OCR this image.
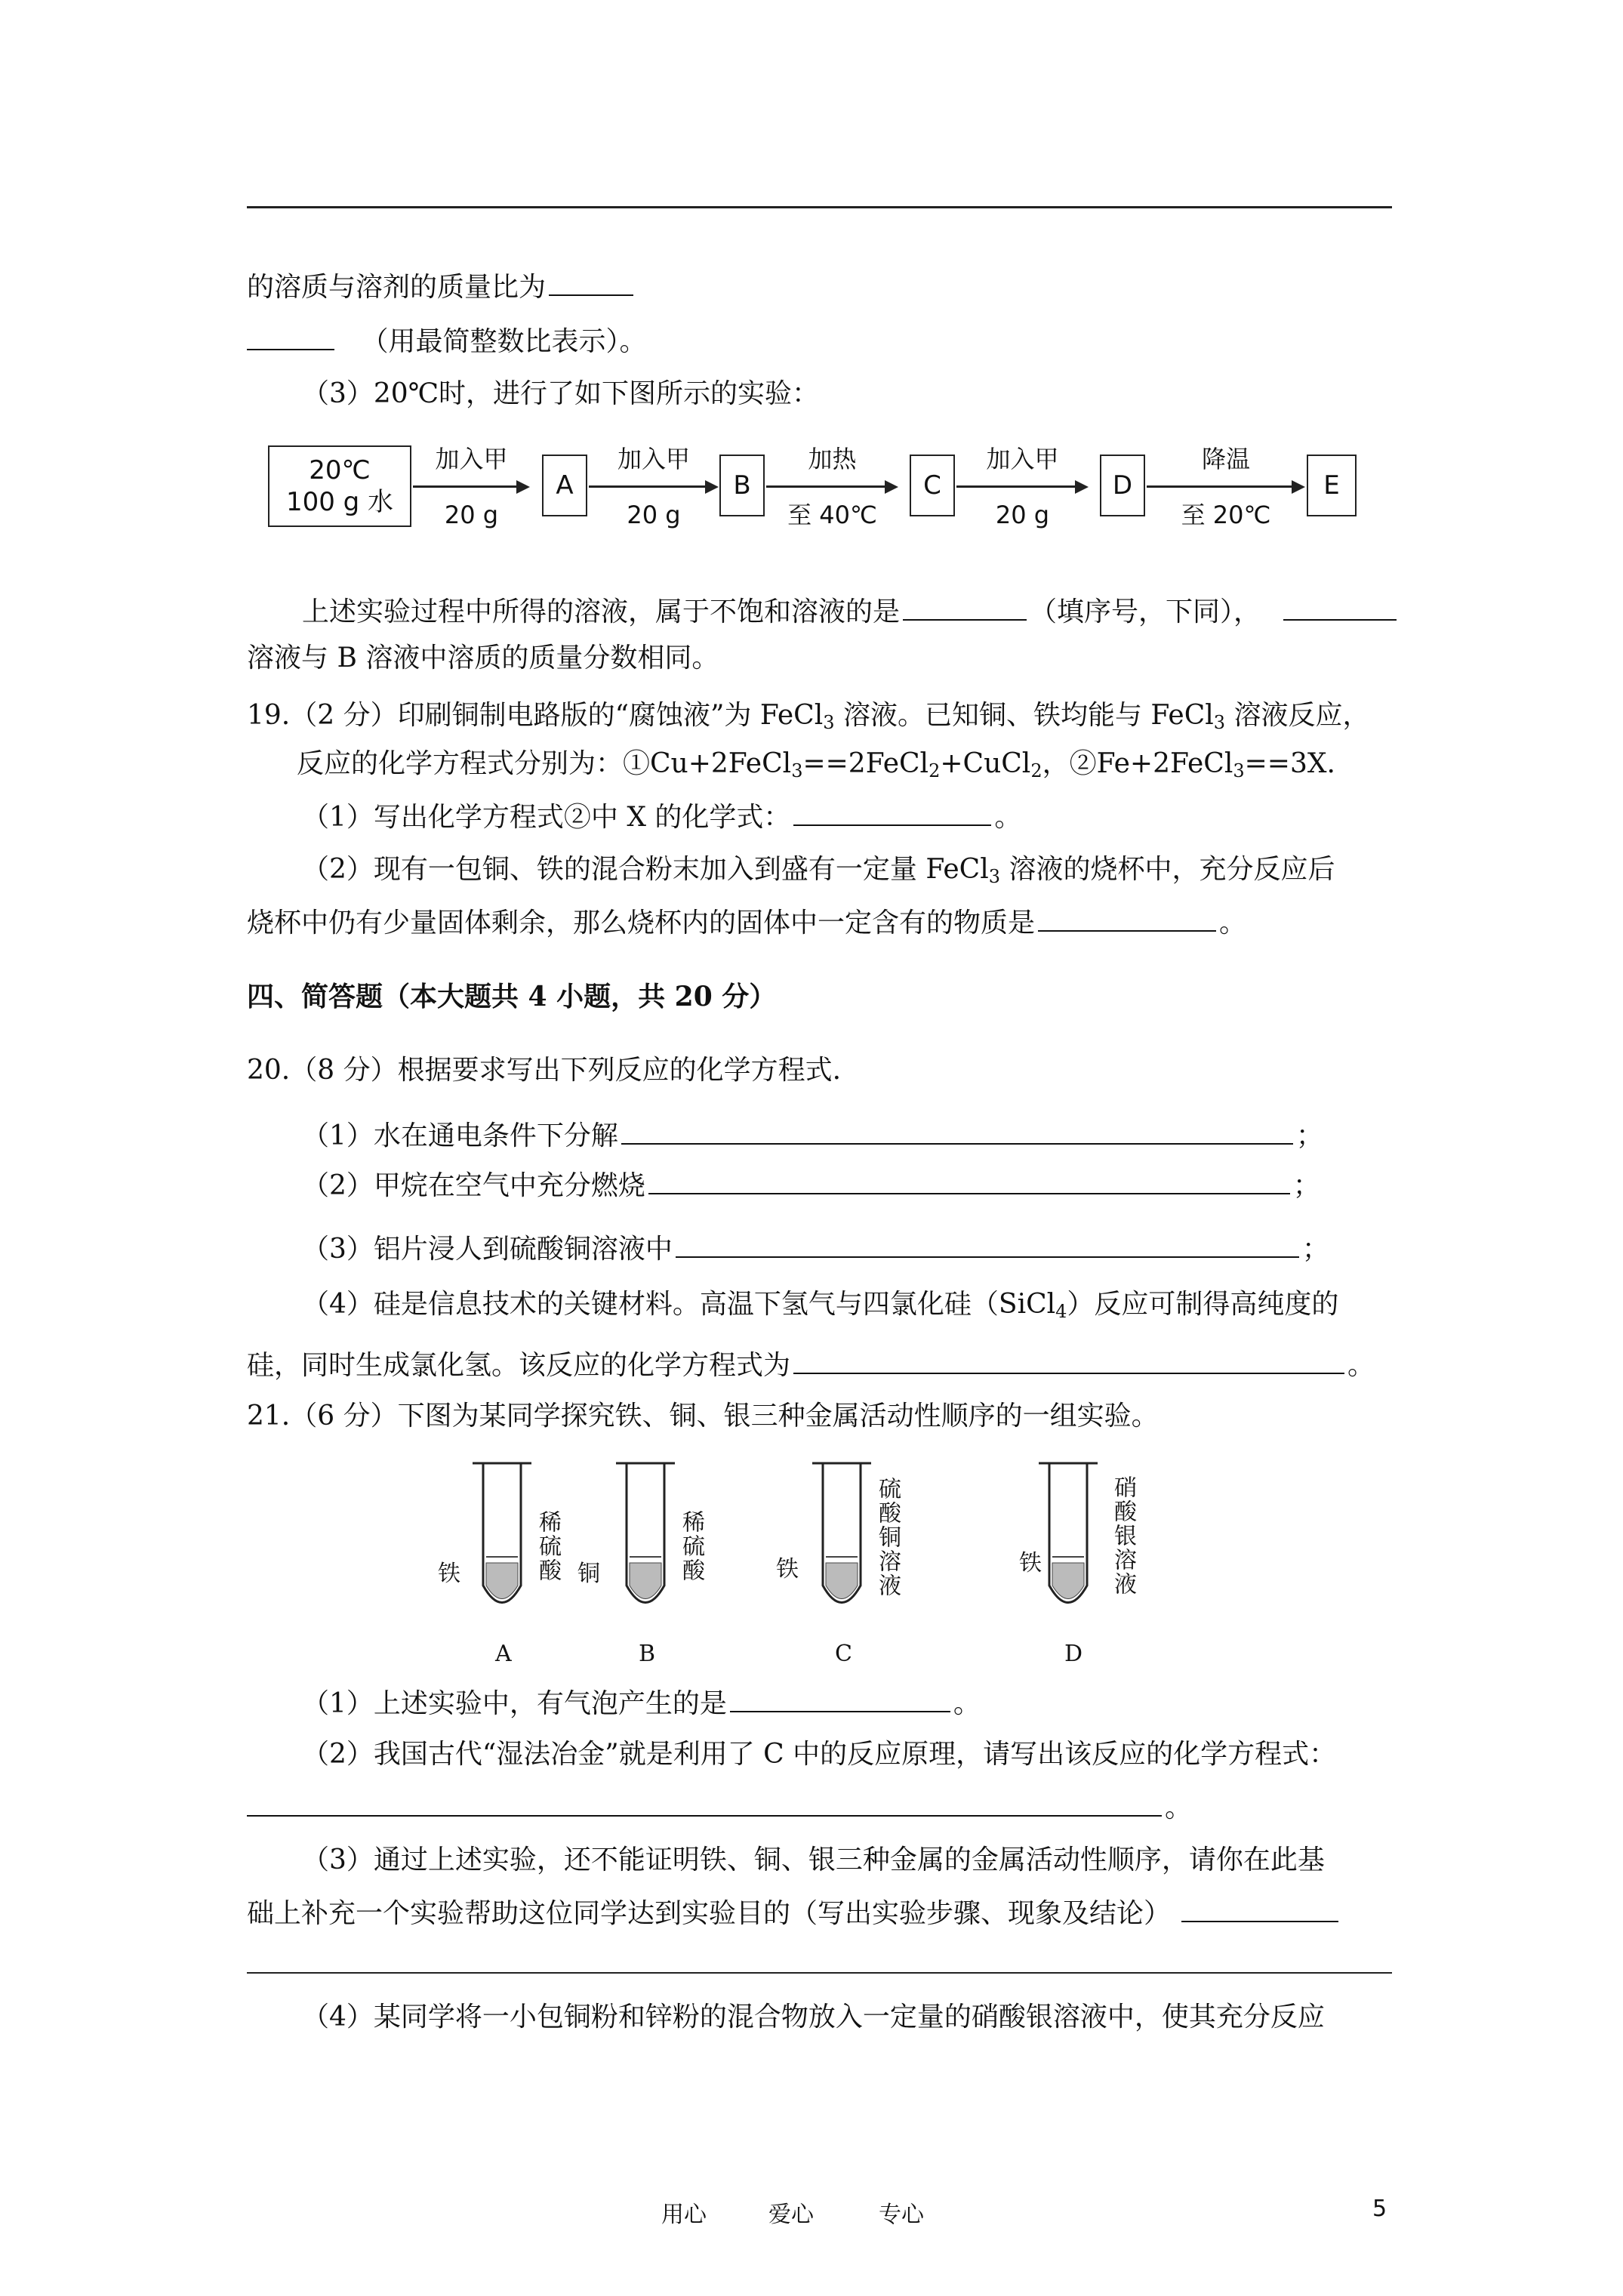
的溶质与溶剂的质量比为
（用最简整数比表示）。
（3）20℃时，进行了如下图所示的实验：
20℃
100 g 水
加入甲
20 g
A
加入甲
20 g
B
加热
至 40℃
C
加入甲
20 g
D
降温
至 20℃
E
上述实验过程中所得的溶液，属于不饱和溶液的是	（填序号，下同），
溶液与 B 溶液中溶质的质量分数相同。
19.（2 分）印刷铜制电路版的“腐蚀液”为 FeCl$_3$ 溶液。已知铜、铁均能与 FeCl$_3$ 溶液反应，
反应的化学方程式分别为：①Cu+2FeCl$_3$==2FeCl$_2$+CuCl$_2$，②Fe+2FeCl$_3$==3X.
（1）写出化学方程式②中 X 的化学式：	。
（2）现有一包铜、铁的混合粉末加入到盛有一定量 FeCl$_3$ 溶液的烧杯中，充分反应后
烧杯中仍有少量固体剩余，那么烧杯内的固体中一定含有的物质是	。
四、简答题（本大题共 4 小题，共 20 分）
20.（8 分）根据要求写出下列反应的化学方程式.
（1）水在通电条件下分解	；
（2）甲烷在空气中充分燃烧	；
（3）铝片浸人到硫酸铜溶液中	；
（4）硅是信息技术的关键材料。高温下氢气与四氯化硅（SiCl$_4$）反应可制得高纯度的
硅，同时生成氯化氢。该反应的化学方程式为	。
21.（6 分）下图为某同学探究铁、铜、银三种金属活动性顺序的一组实验。
铁	稀硫酸
A
铜	稀硫酸
B
铁	硫酸铜溶液
C
铁	硝酸银溶液
D
（1）上述实验中，有气泡产生的是	。
（2）我国古代“湿法冶金”就是利用了 C 中的反应原理，请写出该反应的化学方程式：
。
（3）通过上述实验，还不能证明铁、铜、银三种金属的金属活动性顺序，请你在此基
础上补充一个实验帮助这位同学达到实验目的（写出实验步骤、现象及结论）
（4）某同学将一小包铜粉和锌粉的混合物放入一定量的硝酸银溶液中，使其充分反应
用心	爱心	专心	5
